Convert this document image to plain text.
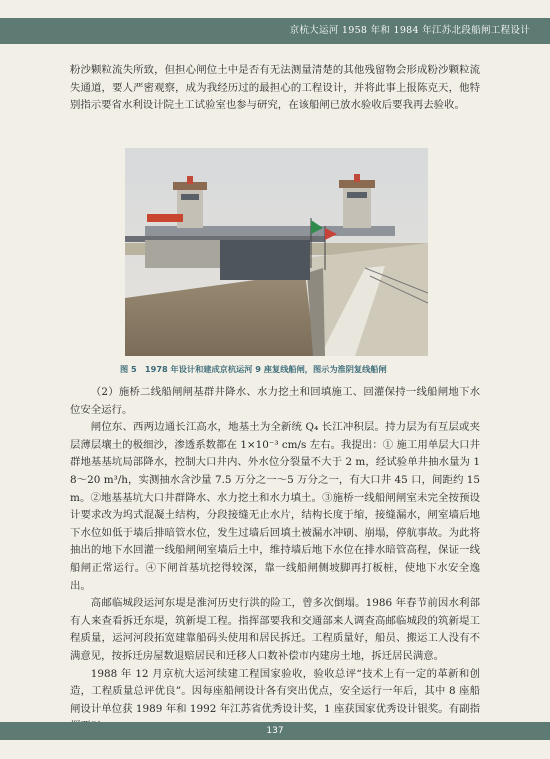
京杭大运河 1958 年和 1984 年江苏北段船闸工程设计

粉沙颗粒流失所致，但担心闸位土中是否有无法测量清楚的其他残留物会形成粉沙颗粒流失通道，要人严密观察，成为我经历过的最担心的工程设计，并将此事上报陈克天，他特别指示要省水利设计院土工试验室也参与研究，在该船闸已放水验收后要我再去验收。

图 5　1978 年设计和建成京杭运河 9 座复线船闸，图示为淮阴复线船闸

（2）施桥二线船闸闸基群井降水、水力挖土和回填施工、回灌保持一线船闸地下水位安全运行。

闸位东、西两边通长江高水，地基土为全新统 Q₄ 长江冲积层。持力层为有互层或夹层薄层壤土的极细沙，渗透系数都在 1×10⁻³ cm/s 左右。我提出：① 施工用单层大口井群地基基坑局部降水，控制大口井内、外水位分裂量不大于 2 m，经试验单井抽水量为 18～20 m³/h，实测抽水含沙量 7.5 万分之一～5 万分之一，有大口井 45 口，间距约 15 m。②地基基坑大口井群降水、水力挖土和水力填土。③施桥一线船闸闸室未完全按预设计要求改为坞式混凝土结构，分段接缝无止水片，结构长度于缩，接缝漏水，闸室墙后地下水位如低于墙后排暗管水位，发生过墙后回填土被漏水冲刷、崩塌，停航事故。为此将抽出的地下水回灌一线船闸闸室墙后土中，维持墙后地下水位在排水暗管高程，保证一线船闸正常运行。④下闸首基坑挖得较深，靠一线船闸侧坡脚再打板桩，使地下水安全逸出。

高邮临城段运河东堤是淮河历史行洪的险工，曾多次倒塌。1986 年春节前因水利部有人来查看拆迁东堤，筑新堤工程。指挥部要我和交通部来人调查高邮临城段的筑新堤工程质量，运河河段拓宽建靠船码头使用和居民拆迁。工程质量好，船员、搬运工人没有不满意见，按拆迁房屋数退赔居民和迁移人口数补偿市内建房土地，拆迁居民满意。

1988 年 12 月京杭大运河续建工程国家验收，验收总评“技术上有一定的革新和创造，工程质量总评优良”。因每座船闸设计各有突出优点，安全运行一年后，其中 8 座船闸设计单位获 1989 年和 1992 年江苏省优秀设计奖，1 座获国家优秀设计银奖。有副指

137
